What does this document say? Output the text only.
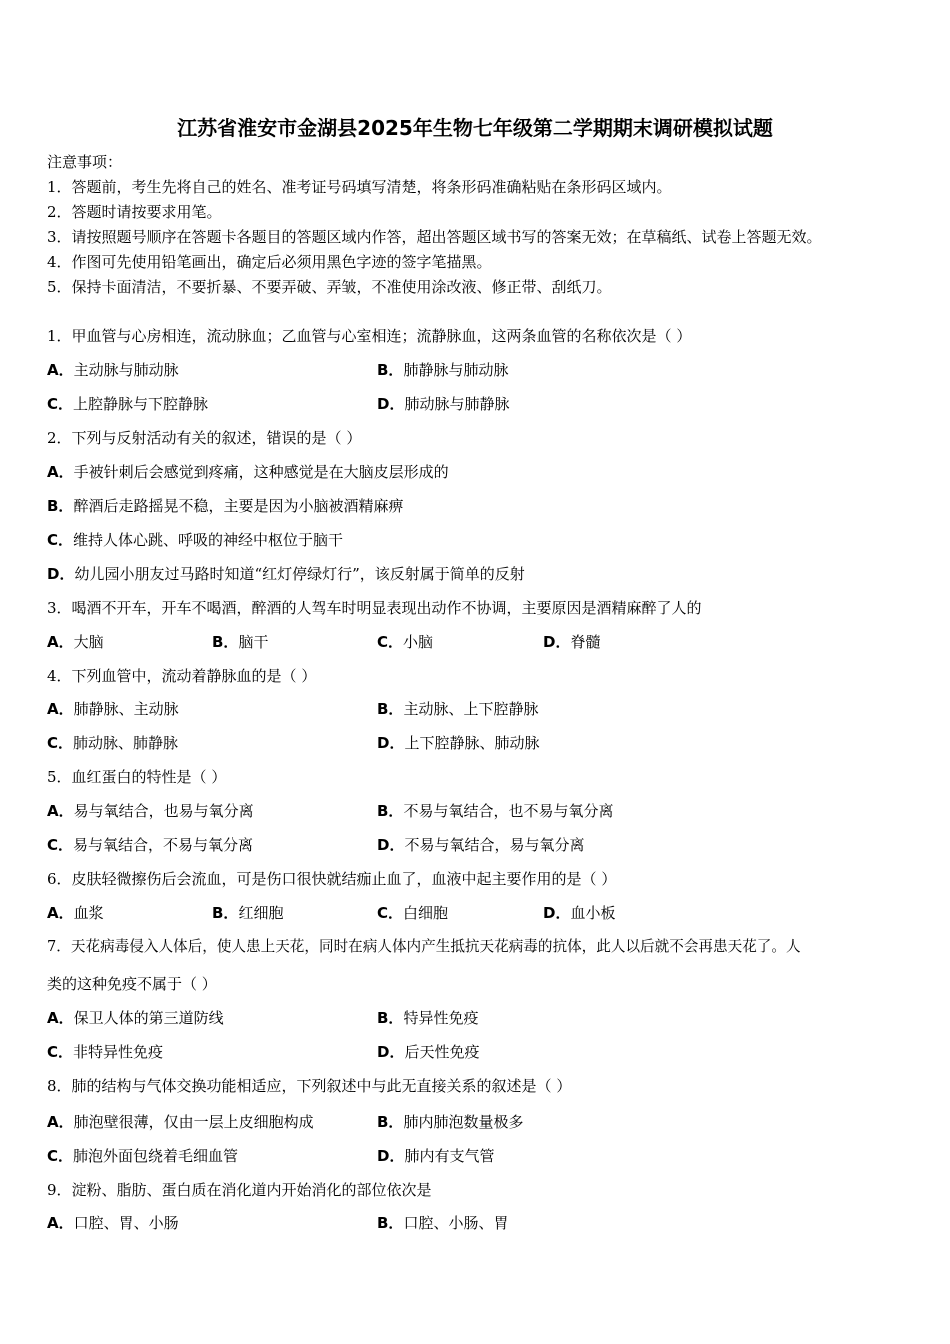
江苏省淮安市金湖县2025年生物七年级第二学期期末调研模拟试题
注意事项：
1．答题前，考生先将自己的姓名、准考证号码填写清楚，将条形码准确粘贴在条形码区域内。
2．答题时请按要求用笔。
3．请按照题号顺序在答题卡各题目的答题区域内作答，超出答题区域书写的答案无效；在草稿纸、试卷上答题无效。
4．作图可先使用铅笔画出，确定后必须用黑色字迹的签字笔描黑。
5．保持卡面清洁，不要折暴、不要弄破、弄皱，不准使用涂改液、修正带、刮纸刀。
1．甲血管与心房相连，流动脉血；乙血管与心室相连；流静脉血，这两条血管的名称依次是（ ）
A．主动脉与肺动脉	B．肺静脉与肺动脉
C．上腔静脉与下腔静脉	D．肺动脉与肺静脉
2．下列与反射活动有关的叙述，错误的是（ ）
A．手被针刺后会感觉到疼痛，这种感觉是在大脑皮层形成的
B．醉酒后走路摇晃不稳，主要是因为小脑被酒精麻痹
C．维持人体心跳、呼吸的神经中枢位于脑干
D．幼儿园小朋友过马路时知道“红灯停绿灯行”，该反射属于简单的反射
3．喝酒不开车，开车不喝酒，醉酒的人驾车时明显表现出动作不协调，主要原因是酒精麻醉了人的
A．大脑	B．脑干	C．小脑	D．脊髓
4．下列血管中，流动着静脉血的是（ ）
A．肺静脉、主动脉	B．主动脉、上下腔静脉
C．肺动脉、肺静脉	D．上下腔静脉、肺动脉
5．血红蛋白的特性是（ ）
A．易与氧结合，也易与氧分离	B．不易与氧结合，也不易与氧分离
C．易与氧结合，不易与氧分离	D．不易与氧结合，易与氧分离
6．皮肤轻微擦伤后会流血，可是伤口很快就结痂止血了，血液中起主要作用的是（ ）
A．血浆	B．红细胞	C．白细胞	D．血小板
7．天花病毒侵入人体后，使人患上天花，同时在病人体内产生抵抗天花病毒的抗体，此人以后就不会再患天花了。人
类的这种免疫不属于（ ）
A．保卫人体的第三道防线	B．特异性免疫
C．非特异性免疫	D．后天性免疫
8．肺的结构与气体交换功能相适应，下列叙述中与此无直接关系的叙述是（ ）
A．肺泡壁很薄，仅由一层上皮细胞构成	B．肺内肺泡数量极多
C．肺泡外面包绕着毛细血管	D．肺内有支气管
9．淀粉、脂肪、蛋白质在消化道内开始消化的部位依次是
A．口腔、胃、小肠	B．口腔、小肠、胃
